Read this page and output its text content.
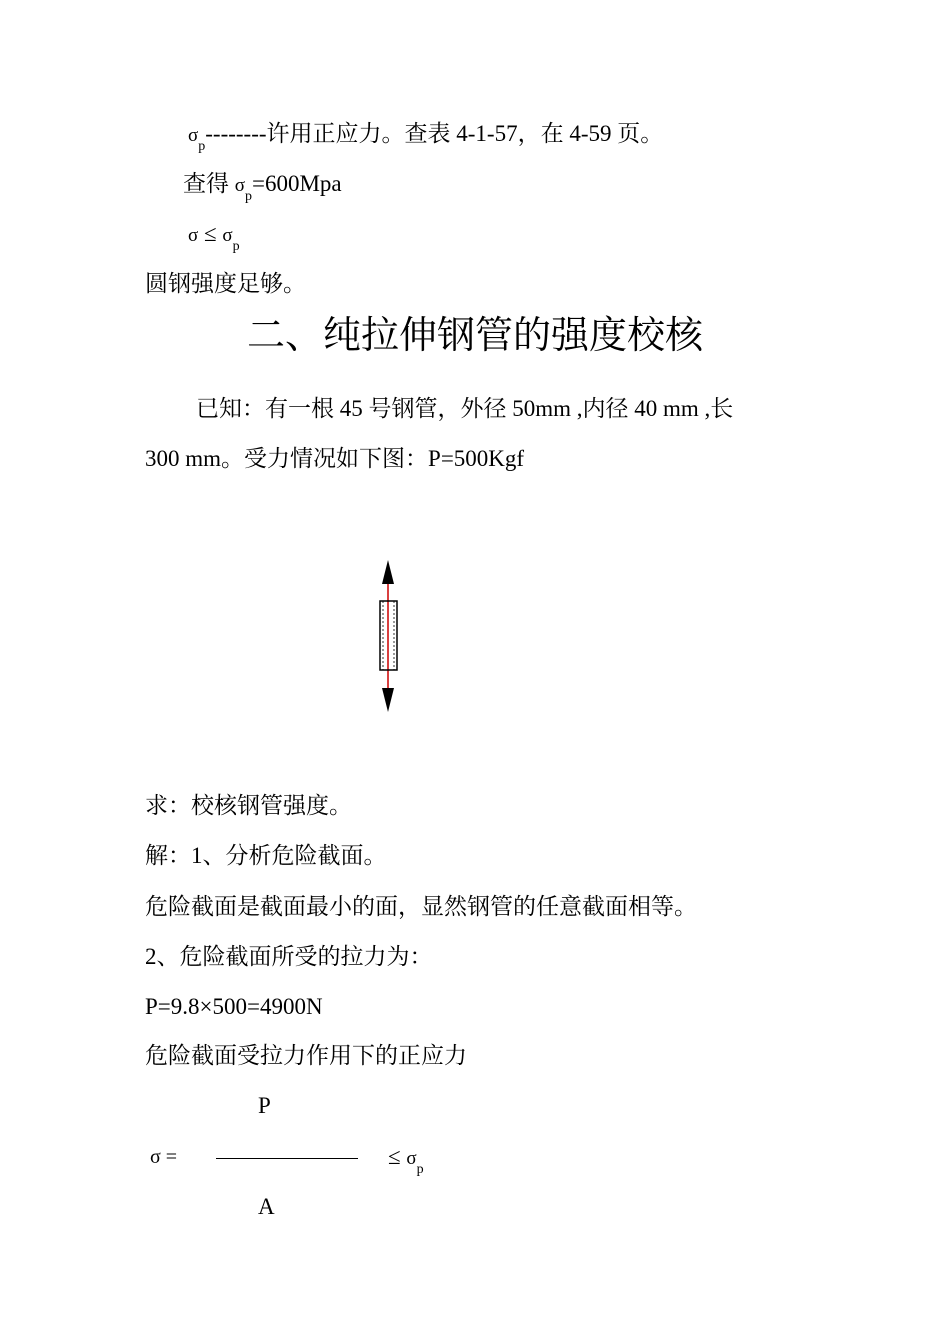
$\sigma_p--------$许用正应力。查表 4-1-57，在 4-59 页。
查得 $\sigma_p=600Mpa$
$\sigma \le \sigma_p$
圆钢强度足够。
二、纯拉伸钢管的强度校核
已知：有一根 45 号钢管，外径 50mm ,内径 40 mm ,长
300 mm。受力情况如下图：P=500Kgf
求：校核钢管强度。
解：1、分析危险截面。
危险截面是截面最小的面，显然钢管的任意截面相等。
2、危险截面所受的拉力为：
P=9.8×500=4900N
危险截面受拉力作用下的正应力
P
σ =	≤ $\sigma_p$
A
